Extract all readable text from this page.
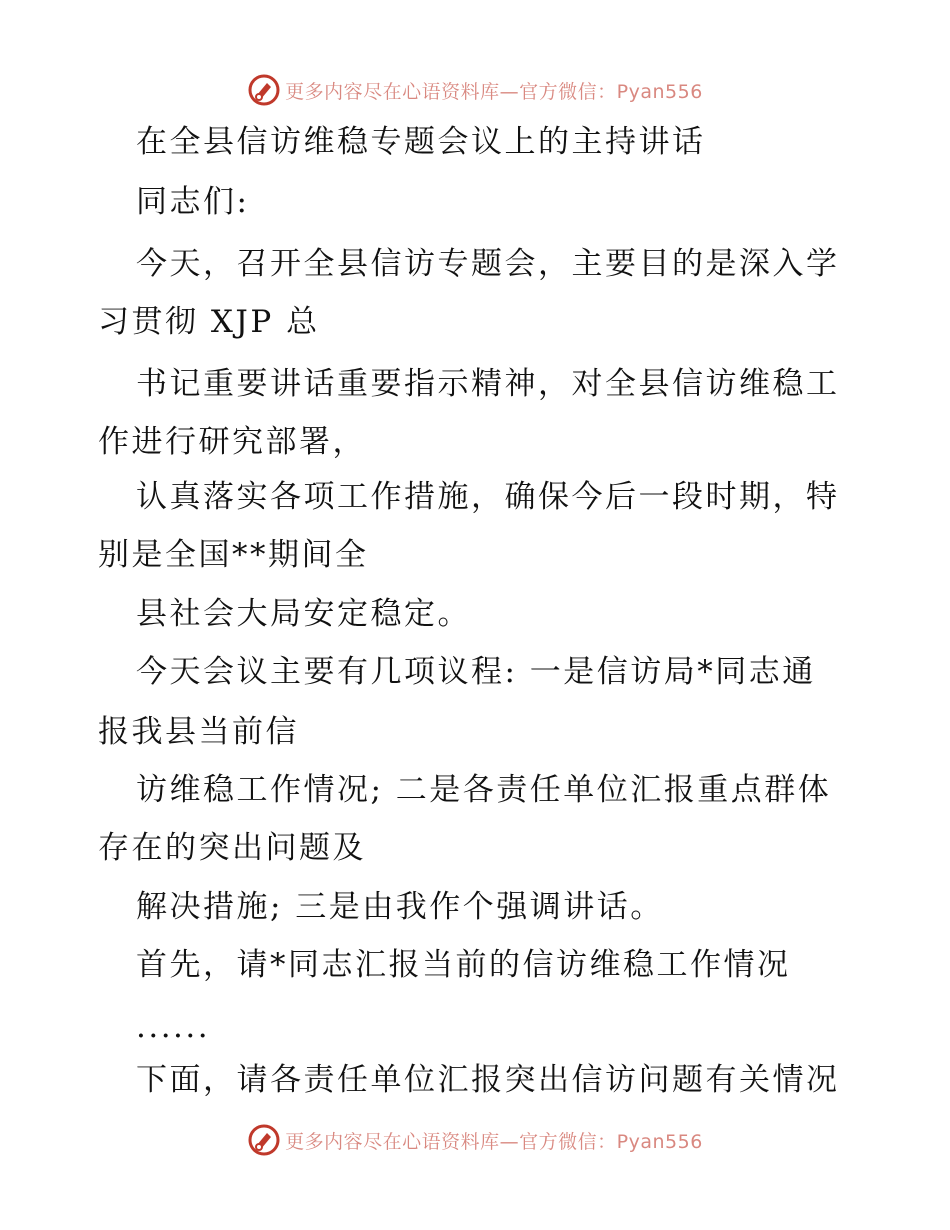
更多内容尽在心语资料库—官方微信：Pyan556
在全县信访维稳专题会议上的主持讲话
同志们:
今天，召开全县信访专题会，主要目的是深入学
习贯彻 XJP 总
书记重要讲话重要指示精神，对全县信访维稳工
作进行研究部署，
认真落实各项工作措施，确保今后一段时期，特
别是全国**期间全
县社会大局安定稳定。
今天会议主要有几项议程: 一是信访局*同志通
报我县当前信
访维稳工作情况; 二是各责任单位汇报重点群体
存在的突出问题及
解决措施; 三是由我作个强调讲话。
首先，请*同志汇报当前的信访维稳工作情况
......
下面，请各责任单位汇报突出信访问题有关情况
更多内容尽在心语资料库—官方微信：Pyan556
